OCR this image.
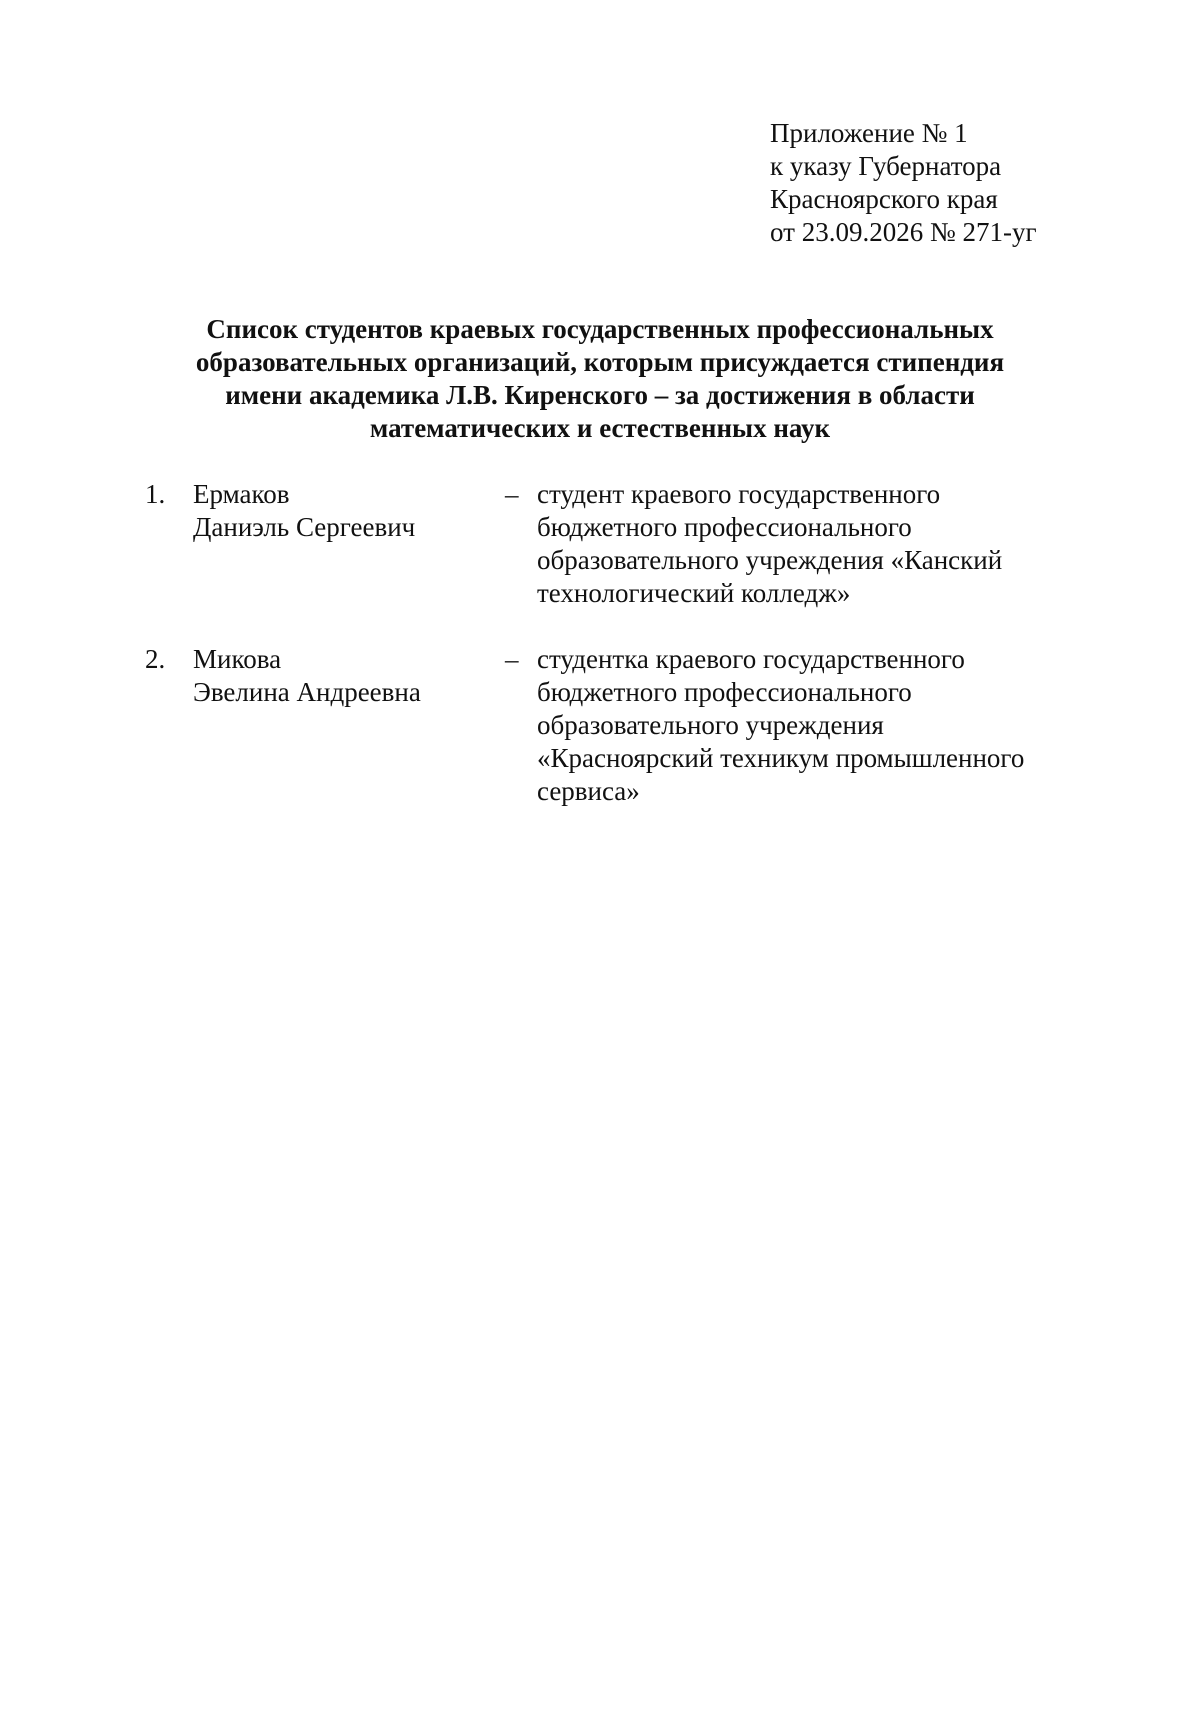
Приложение № 1
к указу Губернатора
Красноярского края
от 23.09.2026 № 271-уг
Список студентов краевых государственных профессиональных
образовательных организаций, которым присуждается стипендия
имени академика Л.В. Киренского – за достижения в области
математических и естественных наук
1. Ермаков
Даниэль Сергеевич
– студент краевого государственного
бюджетного профессионального
образовательного учреждения «Канский
технологический колледж»
2. Микова
Эвелина Андреевна
– студентка краевого государственного
бюджетного профессионального
образовательного учреждения
«Красноярский техникум промышленного
сервиса»
